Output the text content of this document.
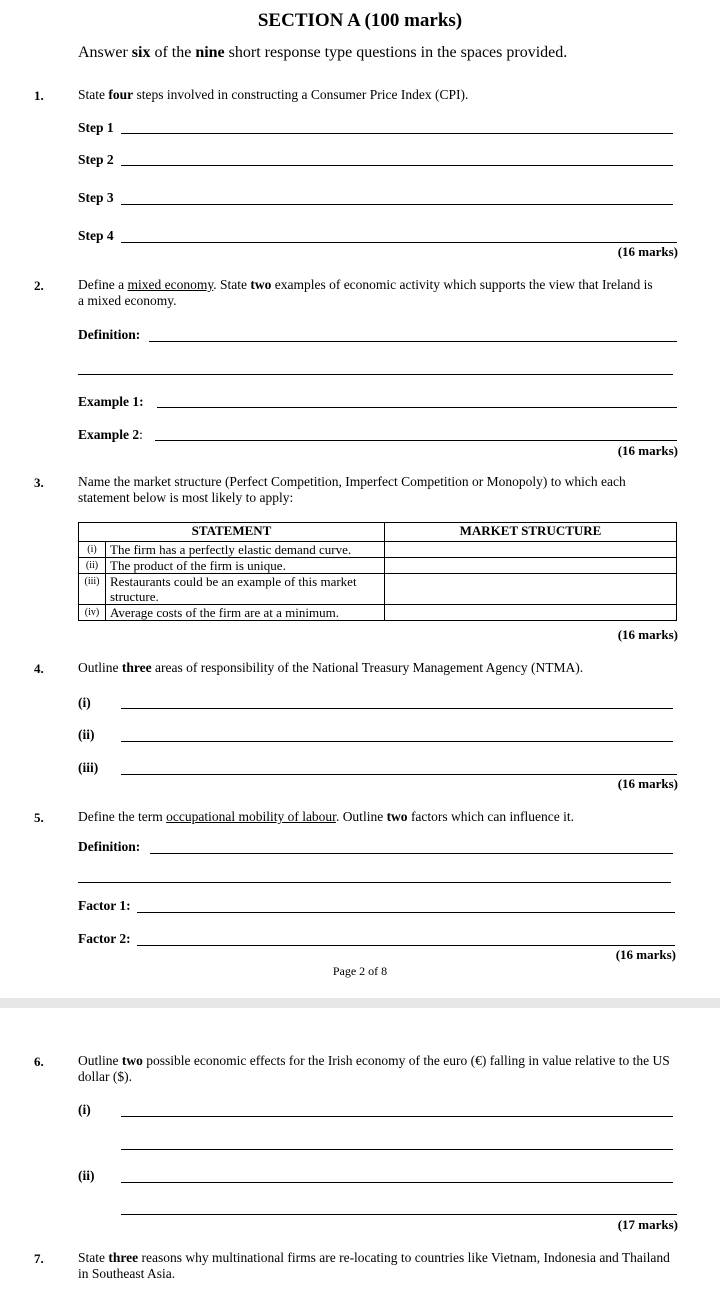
SECTION A (100 marks)
Answer six of the nine short response type questions in the spaces provided.
1.	State four steps involved in constructing a Consumer Price Index (CPI).
Step 1
Step 2
Step 3
Step 4
(16 marks)
2.	Define a mixed economy. State two examples of economic activity which supports the view that Ireland is a mixed economy.
Definition:
Example 1:
Example 2:
(16 marks)
3.	Name the market structure (Perfect Competition, Imperfect Competition or Monopoly) to which each statement below is most likely to apply:
STATEMENT		MARKET STRUCTURE
(i)	The firm has a perfectly elastic demand curve.	
(ii)	The product of the firm is unique.	
(iii)	Restaurants could be an example of this market structure.	
(iv)	Average costs of the firm are at a minimum.	
(16 marks)
4.	Outline three areas of responsibility of the National Treasury Management Agency (NTMA).
(i)
(ii)
(iii)
(16 marks)
5.	Define the term occupational mobility of labour. Outline two factors which can influence it.
Definition:
Factor 1:
Factor 2:
(16 marks)
Page 2 of 8
6.	Outline two possible economic effects for the Irish economy of the euro (€) falling in value relative to the US dollar ($).
(i)
(ii)
(17 marks)
7.	State three reasons why multinational firms are re-locating to countries like Vietnam, Indonesia and Thailand in Southeast Asia.
